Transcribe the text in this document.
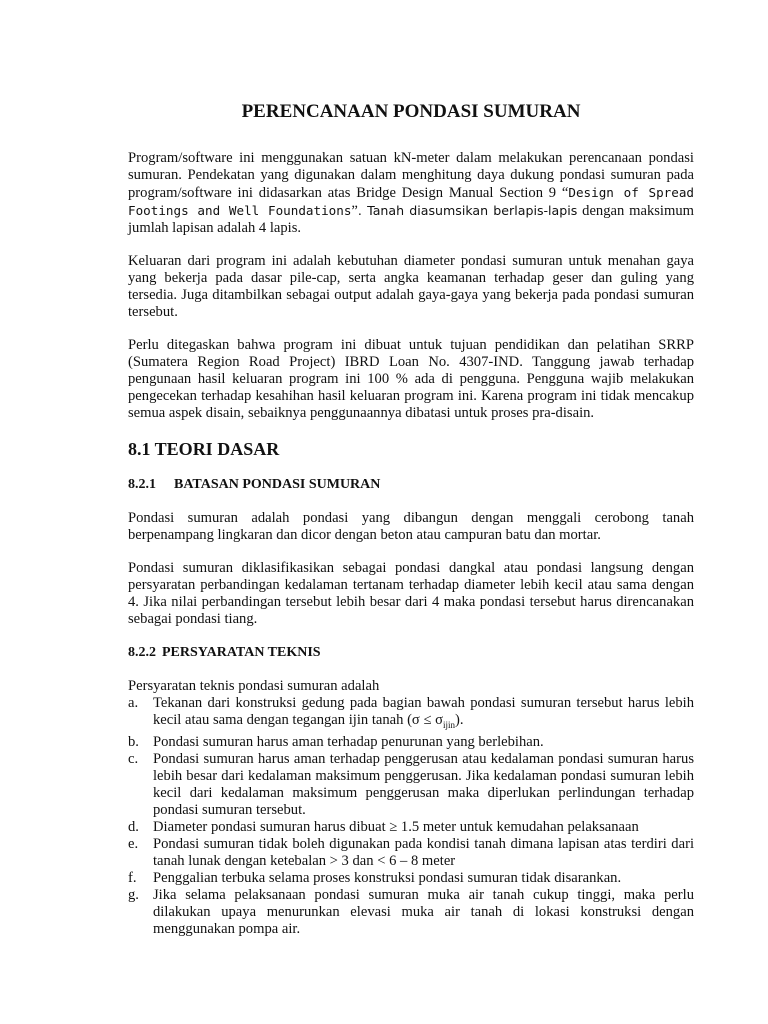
PERENCANAAN PONDASI SUMURAN

Program/software ini menggunakan satuan kN-meter dalam melakukan perencanaan pondasi sumuran. Pendekatan yang digunakan dalam menghitung daya dukung pondasi sumuran pada program/software ini didasarkan atas Bridge Design Manual Section 9 “Design of Spread Footings and Well Foundations”. Tanah diasumsikan berlapis-lapis dengan maksimum jumlah lapisan adalah 4 lapis.

Keluaran dari program ini adalah kebutuhan diameter pondasi sumuran untuk menahan gaya yang bekerja pada dasar pile-cap, serta angka keamanan terhadap geser dan guling yang tersedia. Juga ditambilkan sebagai output adalah gaya-gaya yang bekerja pada pondasi sumuran tersebut.

Perlu ditegaskan bahwa program ini dibuat untuk tujuan pendidikan dan pelatihan SRRP (Sumatera Region Road Project) IBRD Loan No. 4307-IND. Tanggung jawab terhadap pengunaan hasil keluaran program ini 100 % ada di pengguna. Pengguna wajib melakukan pengecekan terhadap kesahihan hasil keluaran program ini. Karena program ini tidak mencakup semua aspek disain, sebaiknya penggunaannya dibatasi untuk proses pra-disain.

8.1 TEORI DASAR
8.2.1 BATASAN PONDASI SUMURAN

Pondasi sumuran adalah pondasi yang dibangun dengan menggali cerobong tanah berpenampang lingkaran dan dicor dengan beton atau campuran batu dan mortar.

Pondasi sumuran diklasifikasikan sebagai pondasi dangkal atau pondasi langsung dengan persyaratan perbandingan kedalaman tertanam terhadap diameter lebih kecil atau sama dengan 4. Jika nilai perbandingan tersebut lebih besar dari 4 maka pondasi tersebut harus direncanakan sebagai pondasi tiang.

8.2.2 PERSYARATAN TEKNIS

Persyaratan teknis pondasi sumuran adalah

a.	Tekanan dari konstruksi gedung pada bagian bawah pondasi sumuran tersebut harus lebih kecil atau sama dengan tegangan ijin tanah $(\sigma \le \sigma_{ijin})$.
b. Pondasi sumuran harus aman terhadap penurunan yang berlebihan.
c.	Pondasi sumuran harus aman terhadap penggerusan atau kedalaman pondasi sumuran harus lebih besar dari kedalaman maksimum penggerusan. Jika kedalaman pondasi sumuran lebih kecil dari kedalaman maksimum penggerusan maka diperlukan perlindungan terhadap pondasi sumuran tersebut.
d. Diameter pondasi sumuran harus dibuat ≥ 1.5 meter untuk kemudahan pelaksanaan
e.	Pondasi sumuran tidak boleh digunakan pada kondisi tanah dimana lapisan atas terdiri dari tanah lunak dengan ketebalan > 3 dan < 6 – 8 meter
f.	Penggalian terbuka selama proses konstruksi pondasi sumuran tidak disarankan.
g. Jika selama pelaksanaan pondasi sumuran muka air tanah cukup tinggi, maka perlu dilakukan upaya menurunkan elevasi muka air tanah di lokasi konstruksi dengan menggunakan pompa air.
